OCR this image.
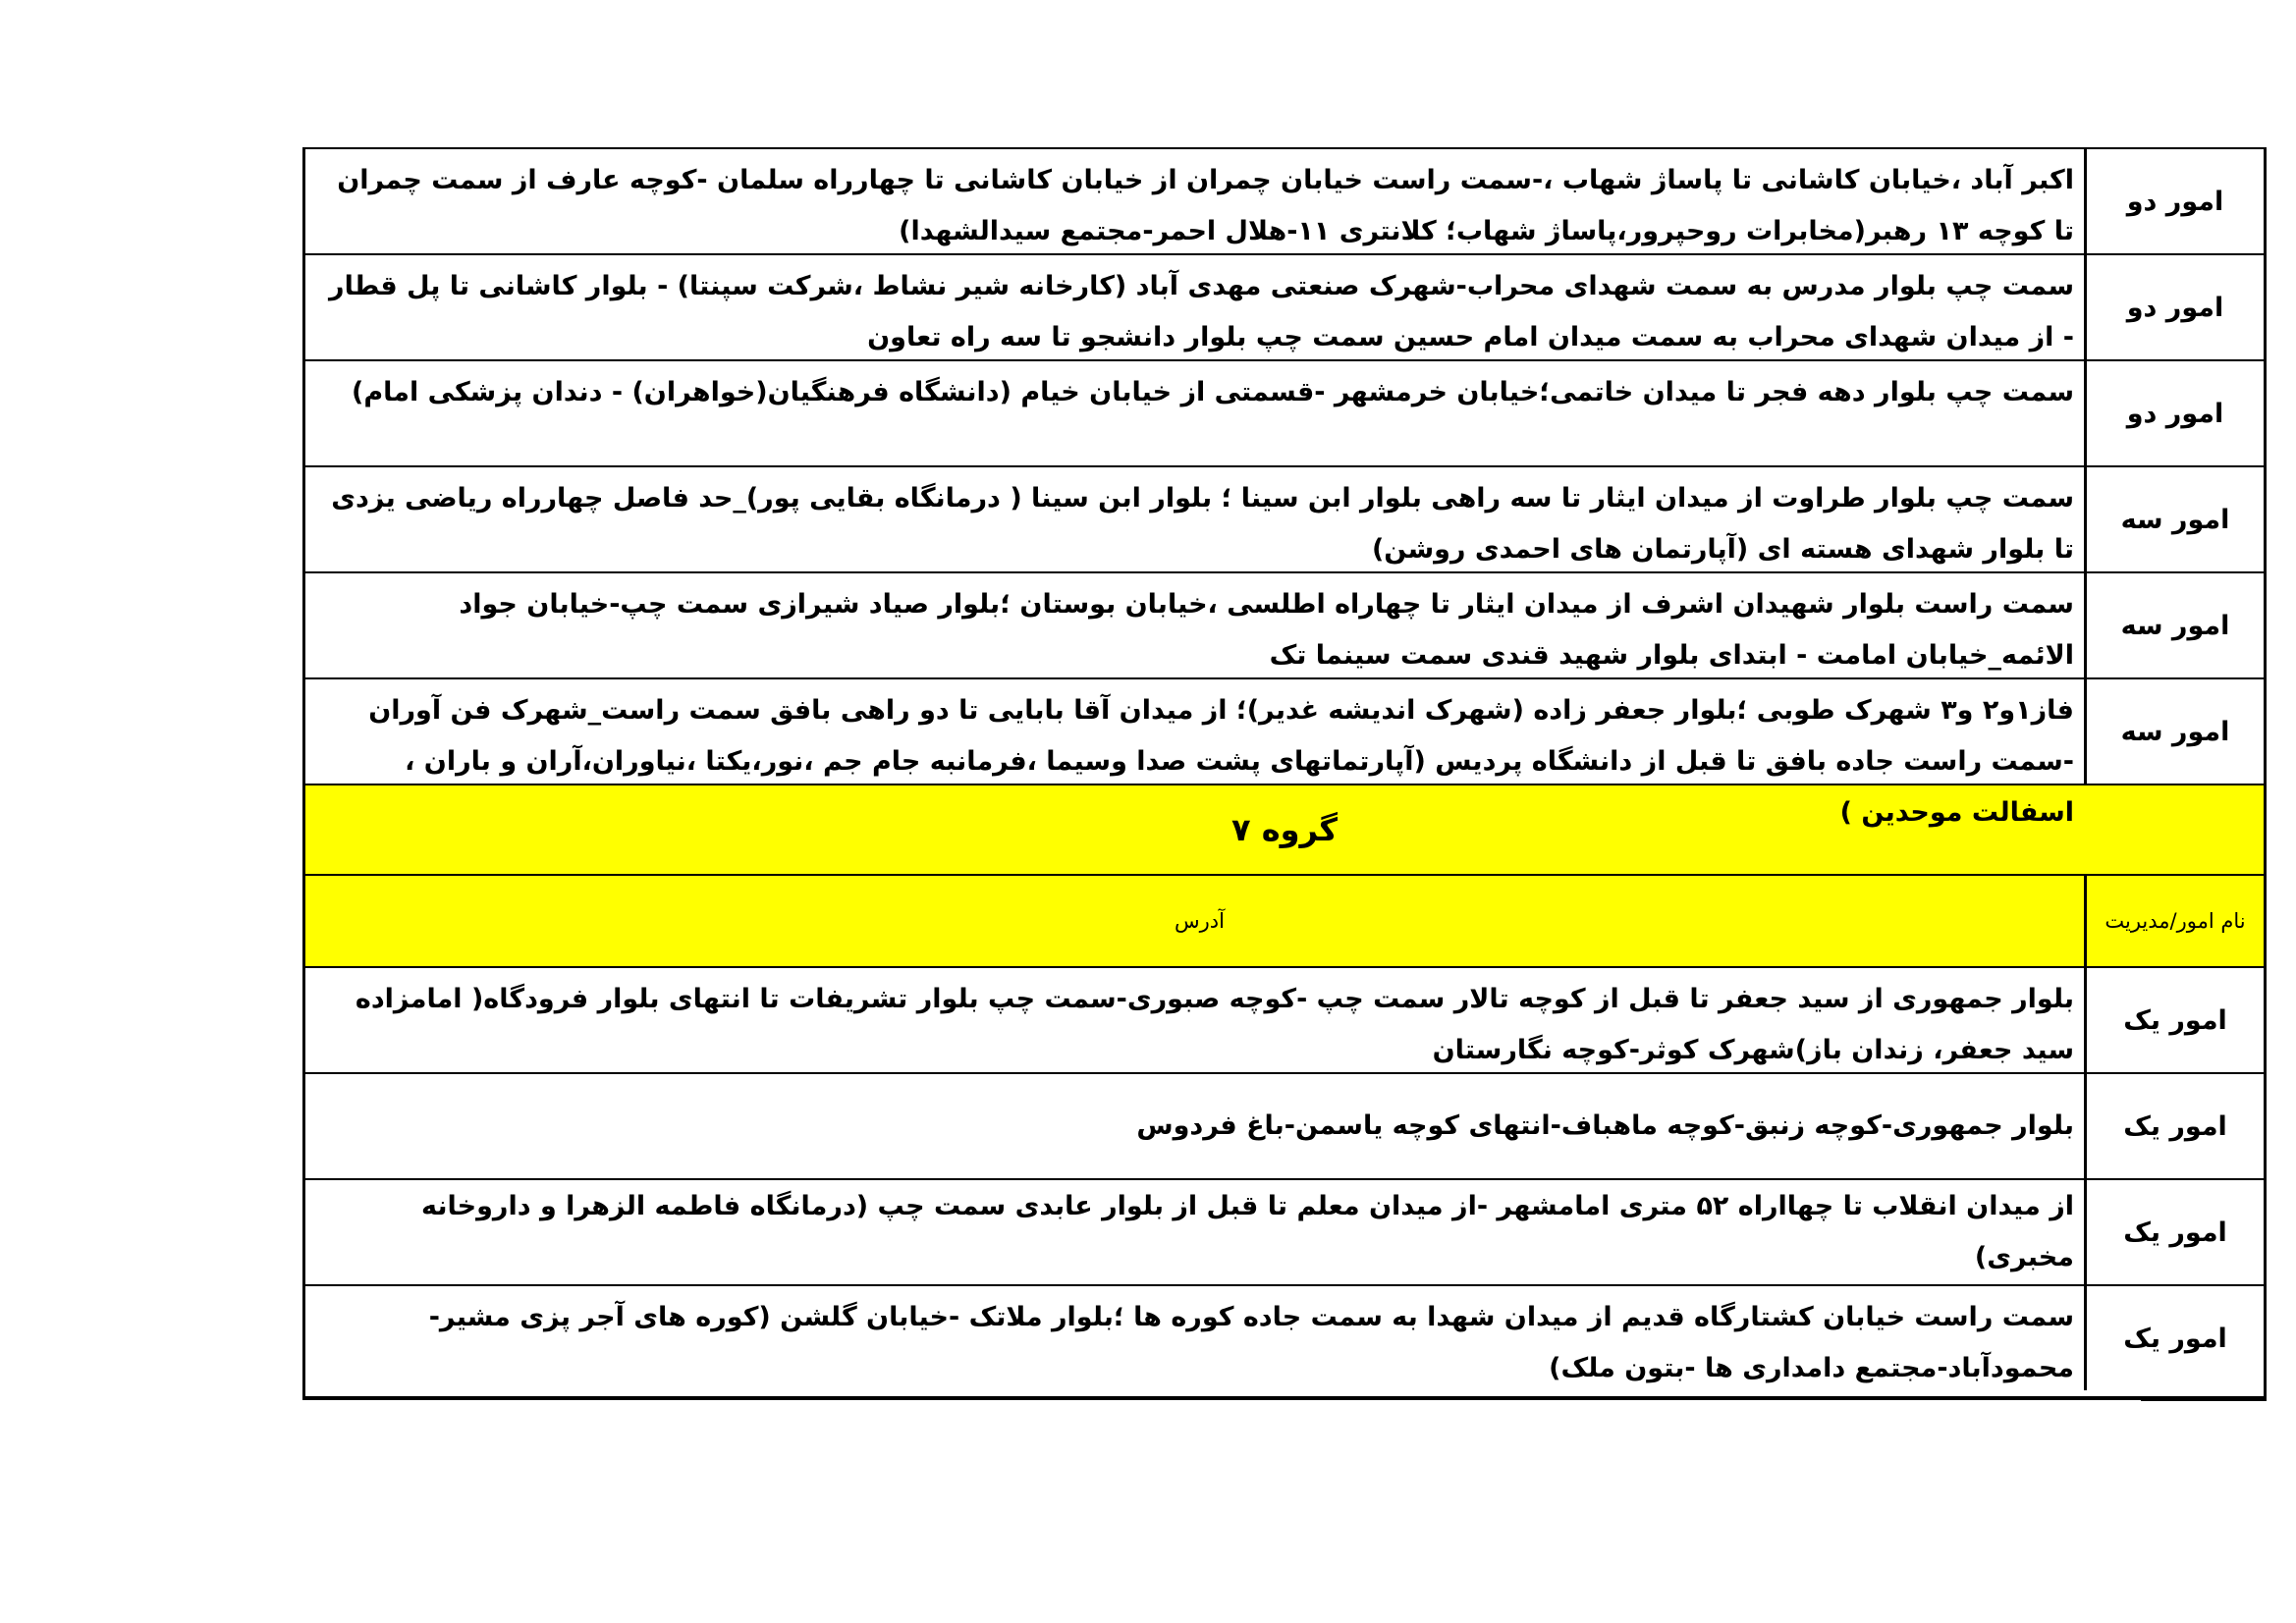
امور دو
اکبر آباد ،خیابان کاشانی تا پاساژ شهاب ،-سمت راست خیابان چمران از خیابان کاشانی تا چهارراه سلمان -کوچه عارف از سمت چمران تا کوچه ۱۳ رهبر(مخابرات روحپرور،پاساژ شهاب؛ کلانتری ۱۱-هلال احمر-مجتمع سیدالشهدا)
امور دو
سمت چپ بلوار مدرس به سمت شهدای محراب-شهرک صنعتی مهدی آباد (کارخانه شیر نشاط ،شرکت سپنتا) - بلوار کاشانی تا پل قطار - از میدان شهدای محراب به سمت میدان امام حسین سمت چپ بلوار دانشجو تا سه راه تعاون
امور دو
سمت چپ بلوار دهه فجر تا میدان خاتمی؛خیابان خرمشهر -قسمتی از خیابان خیام (دانشگاه فرهنگیان(خواهران) - دندان پزشکی امام)
امور سه
سمت چپ بلوار طراوت از میدان ایثار تا سه راهی بلوار ابن سینا ؛ بلوار ابن سینا ( درمانگاه بقایی پور)_حد فاصل چهارراه ریاضی یزدی تا بلوار شهدای هسته ای (آپارتمان های احمدی روشن)
امور سه
سمت راست بلوار شهیدان اشرف از میدان ایثار تا چهاراه اطلسی ،خیابان بوستان ؛بلوار صیاد شیرازی سمت چپ-خیابان جواد الائمه_خیابان امامت - ابتدای بلوار شهید قندی سمت سینما تک
امور سه
فاز۱و۲ و۳ شهرک طوبی ؛بلوار جعفر زاده (شهرک اندیشه غدیر)؛ از میدان آقا بابایی تا دو راهی بافق سمت راست_شهرک فن آوران -سمت راست جاده بافق تا قبل از دانشگاه پردیس (آپارتماتهای پشت صدا وسیما ،فرمانبه جام جم ،نور،یکتا ،نیاوران،آران و باران ، اسفالت موحدین )
گروه ۷
نام امور/مدیریت
آدرس
امور یک
بلوار جمهوری از سید جعفر تا قبل از کوچه تالار سمت چپ -کوچه صبوری-سمت چپ بلوار تشریفات تا انتهای بلوار فرودگاه( امامزاده سید جعفر، زندان باز)شهرک کوثر-کوچه نگارستان
امور یک
بلوار جمهوری-کوچه زنبق-کوچه ماهباف-انتهای کوچه یاسمن-باغ فردوس
امور یک
از میدان انقلاب تا چهااراه ۵۲ متری امامشهر -از میدان معلم تا قبل از بلوار عابدی سمت چپ (درمانگاه فاطمه الزهرا و داروخانه مخبری)
امور یک
سمت راست خیابان کشتارگاه قدیم از میدان شهدا به سمت جاده کوره ها ؛بلوار ملاتک -خیابان گلشن (کوره های آجر پزی مشیر-محمودآباد-مجتمع دامداری ها -بتون ملک)
